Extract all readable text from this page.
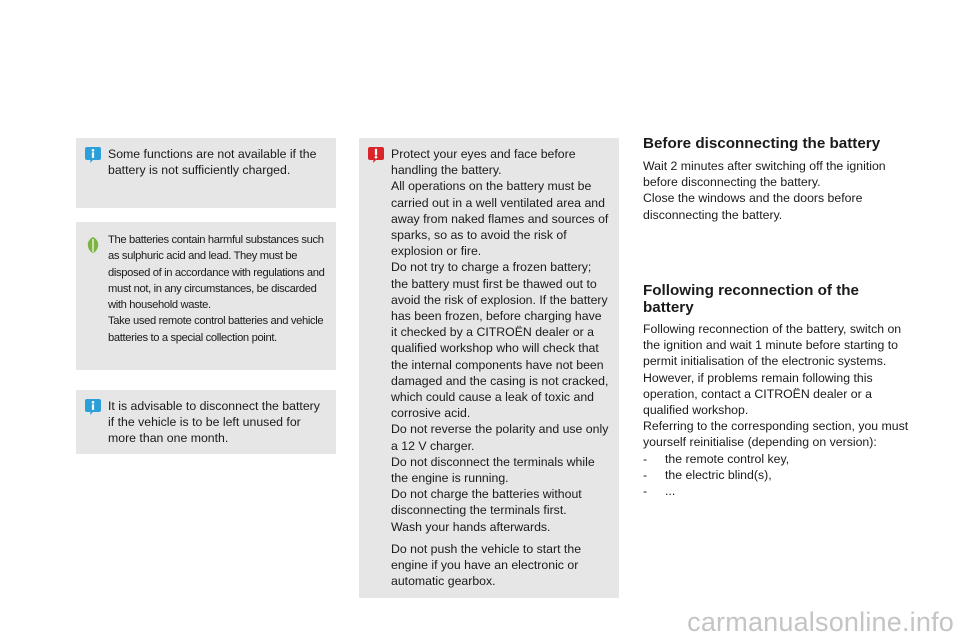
Some functions are not available if the battery is not sufficiently charged.

The batteries contain harmful substances such as sulphuric acid and lead. They must be disposed of in accordance with regulations and must not, in any circumstances, be discarded with household waste.

Take used remote control batteries and vehicle batteries to a special collection point.

It is advisable to disconnect the battery if the vehicle is to be left unused for more than one month.

Protect your eyes and face before handling the battery.

All operations on the battery must be carried out in a well ventilated area and away from naked flames and sources of sparks, so as to avoid the risk of explosion or fire.

Do not try to charge a frozen battery; the battery must first be thawed out to avoid the risk of explosion. If the battery has been frozen, before charging have it checked by a CITROËN dealer or a qualified workshop who will check that the internal components have not been damaged and the casing is not cracked, which could cause a leak of toxic and corrosive acid.

Do not reverse the polarity and use only a 12 V charger.

Do not disconnect the terminals while the engine is running.

Do not charge the batteries without disconnecting the terminals first.

Wash your hands afterwards.

Do not push the vehicle to start the engine if you have an electronic or automatic gearbox.

Before disconnecting the battery

Wait 2 minutes after switching off the ignition before disconnecting the battery.

Close the windows and the doors before disconnecting the battery.

Following reconnection of the battery

Following reconnection of the battery, switch on the ignition and wait 1 minute before starting to permit initialisation of the electronic systems.

However, if problems remain following this operation, contact a CITROËN dealer or a qualified workshop.

Referring to the corresponding section, you must yourself reinitialise (depending on version):

-	the remote control key,
-	the electric blind(s),
-	...
carmanualsonline.info
